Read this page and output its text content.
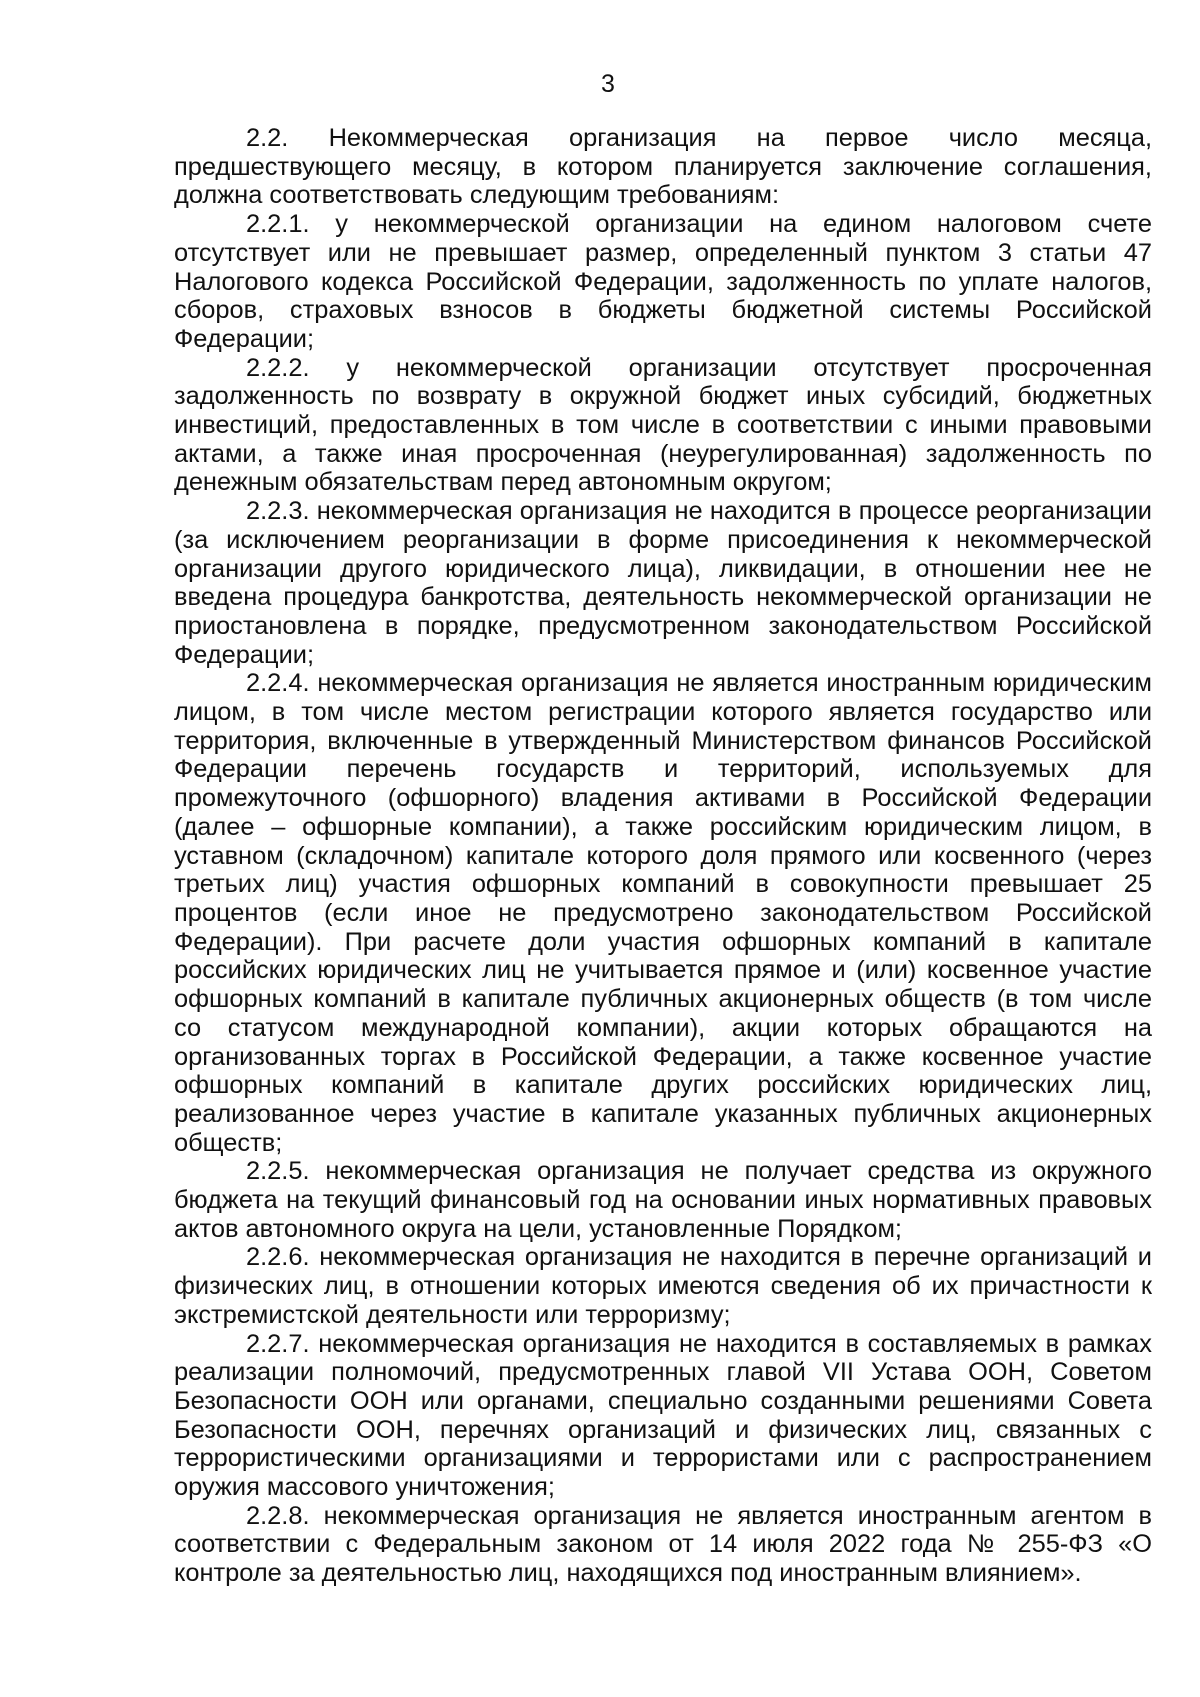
3

2.2. Некоммерческая организация на первое число месяца, предшествующего месяцу, в котором планируется заключение соглашения, должна соответствовать следующим требованиям:

2.2.1. у некоммерческой организации на едином налоговом счете отсутствует или не превышает размер, определенный пунктом 3 статьи 47 Налогового кодекса Российской Федерации, задолженность по уплате налогов, сборов, страховых взносов в бюджеты бюджетной системы Российской Федерации;

2.2.2. у некоммерческой организации отсутствует просроченная задолженность по возврату в окружной бюджет иных субсидий, бюджетных инвестиций, предоставленных в том числе в соответствии с иными правовыми актами, а также иная просроченная (неурегулированная) задолженность по денежным обязательствам перед автономным округом;

2.2.3. некоммерческая организация не находится в процессе реорганизации (за исключением реорганизации в форме присоединения к некоммерческой организации другого юридического лица), ликвидации, в отношении нее не введена процедура банкротства, деятельность некоммерческой организации не приостановлена в порядке, предусмотренном законодательством Российской Федерации;

2.2.4. некоммерческая организация не является иностранным юридическим лицом, в том числе местом регистрации которого является государство или территория, включенные в утвержденный Министерством финансов Российской Федерации перечень государств и территорий, используемых для промежуточного (офшорного) владения активами в Российской Федерации (далее – офшорные компании), а также российским юридическим лицом, в уставном (складочном) капитале которого доля прямого или косвенного (через третьих лиц) участия офшорных компаний в совокупности превышает 25 процентов (если иное не предусмотрено законодательством Российской Федерации). При расчете доли участия офшорных компаний в капитале российских юридических лиц не учитывается прямое и (или) косвенное участие офшорных компаний в капитале публичных акционерных обществ (в том числе со статусом международной компании), акции которых обращаются на организованных торгах в Российской Федерации, а также косвенное участие офшорных компаний в капитале других российских юридических лиц, реализованное через участие в капитале указанных публичных акционерных обществ;

2.2.5. некоммерческая организация не получает средства из окружного бюджета на текущий финансовый год на основании иных нормативных правовых актов автономного округа на цели, установленные Порядком;

2.2.6. некоммерческая организация не находится в перечне организаций и физических лиц, в отношении которых имеются сведения об их причастности к экстремистской деятельности или терроризму;

2.2.7. некоммерческая организация не находится в составляемых в рамках реализации полномочий, предусмотренных главой VII Устава ООН, Советом Безопасности ООН или органами, специально созданными решениями Совета Безопасности ООН, перечнях организаций и физических лиц, связанных с террористическими организациями и террористами или с распространением оружия массового уничтожения;

2.2.8. некоммерческая организация не является иностранным агентом в соответствии с Федеральным законом от 14 июля 2022 года № 255-ФЗ «О контроле за деятельностью лиц, находящихся под иностранным влиянием».
